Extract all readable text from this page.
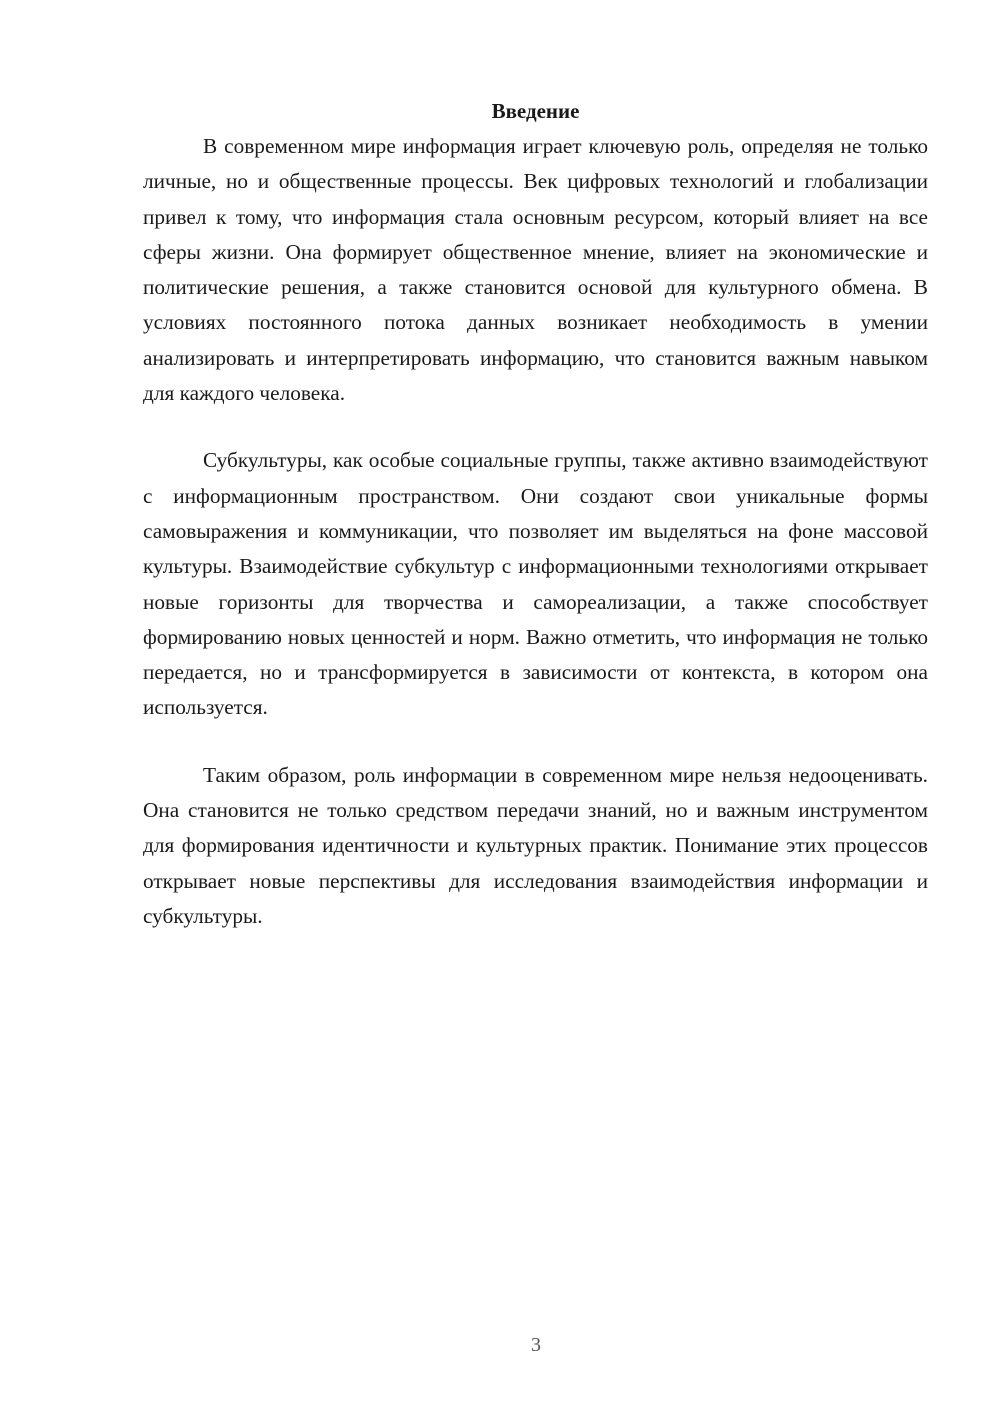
Введение

В современном мире информация играет ключевую роль, определяя не только личные, но и общественные процессы. Век цифровых технологий и глобализации привел к тому, что информация стала основным ресурсом, который влияет на все сферы жизни. Она формирует общественное мнение, влияет на экономические и политические решения, а также становится основой для культурного обмена. В условиях постоянного потока данных возникает необходимость в умении анализировать и интерпретировать информацию, что становится важным навыком для каждого человека.

Субкультуры, как особые социальные группы, также активно взаимодействуют с информационным пространством. Они создают свои уникальные формы самовыражения и коммуникации, что позволяет им выделяться на фоне массовой культуры. Взаимодействие субкультур с информационными технологиями открывает новые горизонты для творчества и самореализации, а также способствует формированию новых ценностей и норм. Важно отметить, что информация не только передается, но и трансформируется в зависимости от контекста, в котором она используется.

Таким образом, роль информации в современном мире нельзя недооценивать. Она становится не только средством передачи знаний, но и важным инструментом для формирования идентичности и культурных практик. Понимание этих процессов открывает новые перспективы для исследования взаимодействия информации и субкультуры.

3
